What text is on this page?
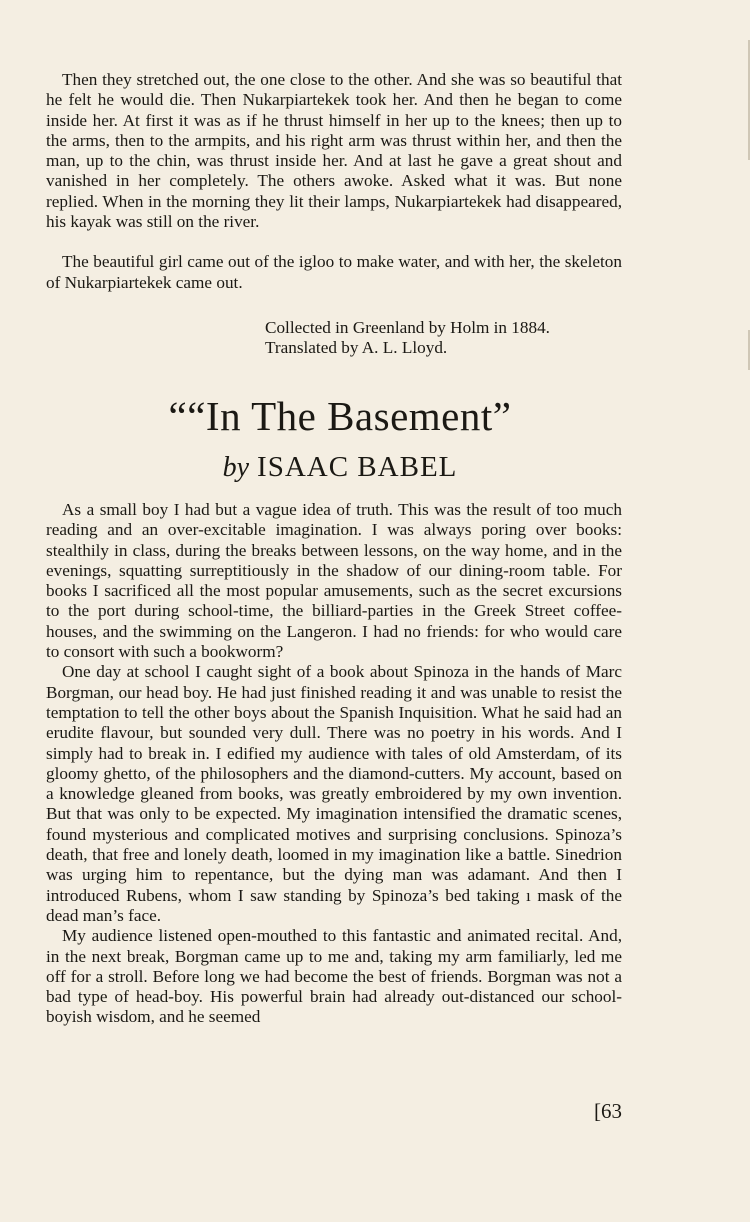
Then they stretched out, the one close to the other. And she was so beautiful that he felt he would die. Then Nukarpiartekek took her. And then he began to come inside her. At first it was as if he thrust himself in her up to the knees; then up to the arms, then to the armpits, and his right arm was thrust within her, and then the man, up to the chin, was thrust inside her. And at last he gave a great shout and vanished in her completely. The others awoke. Asked what it was. But none replied. When in the morning they lit their lamps, Nukarpiartekek had disappeared, his kayak was still on the river.

The beautiful girl came out of the igloo to make water, and with her, the skeleton of Nukarpiartekek came out.

Collected in Greenland by Holm in 1884.
Translated by A. L. Lloyd.
““In The Basement”
by ISAAC BABEL

As a small boy I had but a vague idea of truth. This was the result of too much reading and an over-excitable imagination. I was always poring over books: stealthily in class, during the breaks between lessons, on the way home, and in the evenings, squatting surreptitiously in the shadow of our dining-room table. For books I sacrificed all the most popular amusements, such as the secret excursions to the port during school-time, the billiard-parties in the Greek Street coffee-houses, and the swimming on the Langeron. I had no friends: for who would care to consort with such a bookworm?

One day at school I caught sight of a book about Spinoza in the hands of Marc Borgman, our head boy. He had just finished reading it and was unable to resist the temptation to tell the other boys about the Spanish Inquisition. What he said had an erudite flavour, but sounded very dull. There was no poetry in his words. And I simply had to break in. I edified my audience with tales of old Amsterdam, of its gloomy ghetto, of the philosophers and the diamond-cutters. My account, based on a knowledge gleaned from books, was greatly embroidered by my own invention. But that was only to be expected. My imagination intensified the dramatic scenes, found mysterious and complicated motives and surprising conclusions. Spinoza’s death, that free and lonely death, loomed in my imagination like a battle. Sinedrion was urging him to repentance, but the dying man was adamant. And then I introduced Rubens, whom I saw standing by Spinoza’s bed taking ı mask of the dead man’s face.

My audience listened open-mouthed to this fantastic and animated recital. And, in the next break, Borgman came up to me and, taking my arm familiarly, led me off for a stroll. Before long we had become the best of friends. Borgman was not a bad type of head-boy. His powerful brain had already out-distanced our school-boyish wisdom, and he seemed

[63
